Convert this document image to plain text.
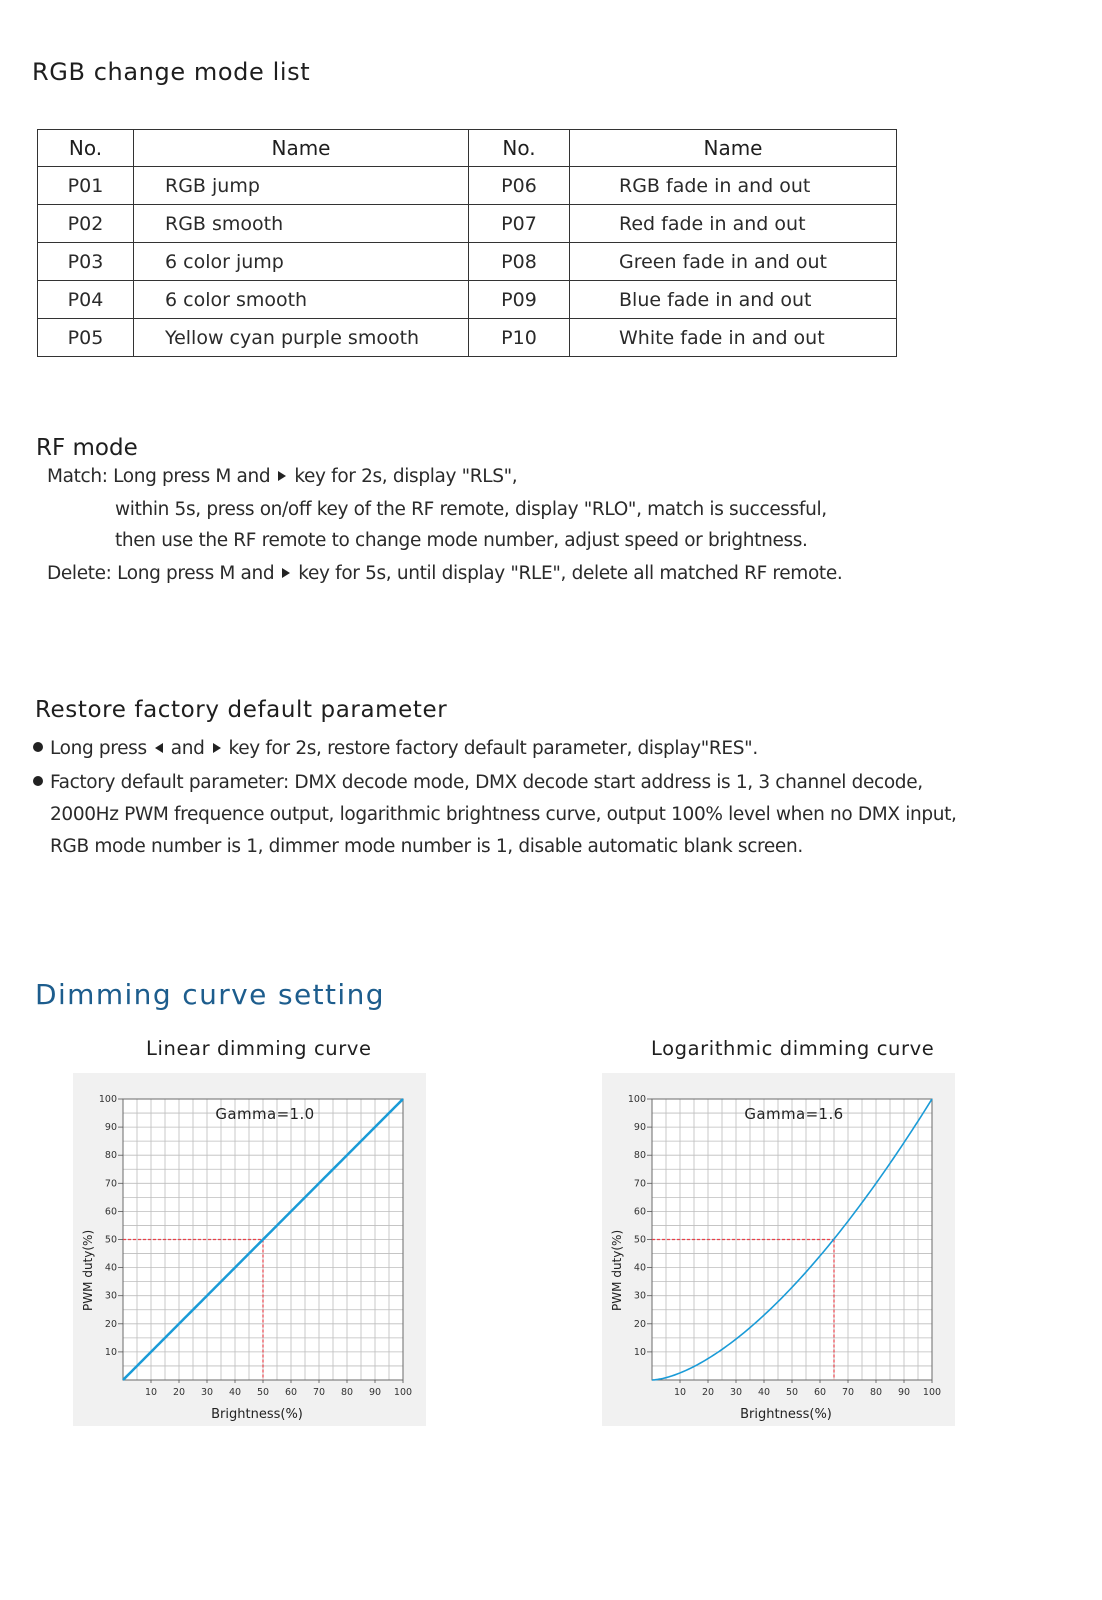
RGB change mode list
No.	Name	No.	Name
P01	RGB jump	P06	RGB fade in and out
P02	RGB smooth	P07	Red fade in and out
P03	6 color jump	P08	Green fade in and out
P04	6 color smooth	P09	Blue fade in and out
P05	Yellow cyan purple smooth	P10	White fade in and out
RF mode

Match: Long press M and key for 2s, display "RLS",

within 5s, press on/off key of the RF remote, display "RLO", match is successful,

then use the RF remote to change mode number, adjust speed or brightness.

Delete: Long press M and key for 5s, until display "RLE", delete all matched RF remote.

Restore factory default parameter

Long press and key for 2s, restore factory default parameter, display"RES".

Factory default parameter: DMX decode mode, DMX decode start address is 1, 3 channel decode,

2000Hz PWM frequence output, logarithmic brightness curve, output 100% level when no DMX input,

RGB mode number is 1, dimmer mode number is 1, disable automatic blank screen.

Dimming curve setting
Linear dimming curve	Logarithmic dimming curve
10 20 30 40 50 60 70 80 90 100
10
20
30
40
50
60
70
80
90
100
Gamma=1.0
Brightness(%)
PWM duty(%)
10 20 30 40 50 60 70 80 90 100
10
20
30
40
50
60
70
80
90
100
Gamma=1.6
Brightness(%)
PWM duty(%)
